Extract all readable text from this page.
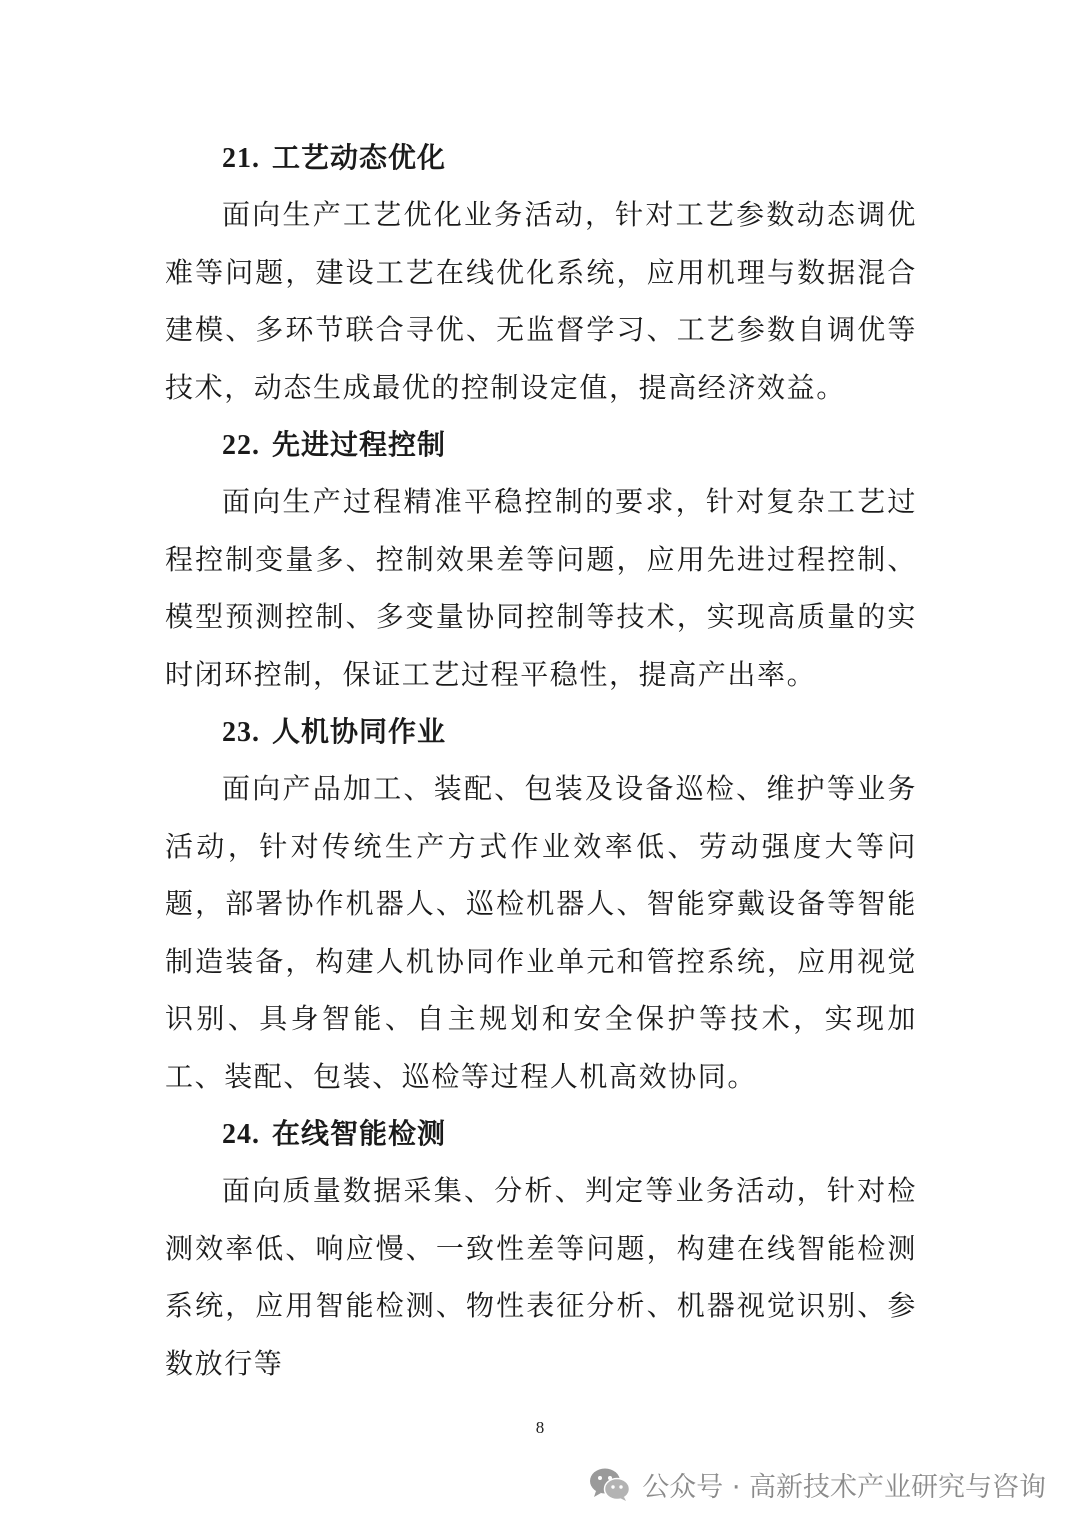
21. 工艺动态优化

面向生产工艺优化业务活动，针对工艺参数动态调优难等问题，建设工艺在线优化系统，应用机理与数据混合建模、多环节联合寻优、无监督学习、工艺参数自调优等技术，动态生成最优的控制设定值，提高经济效益。

22. 先进过程控制

面向生产过程精准平稳控制的要求，针对复杂工艺过程控制变量多、控制效果差等问题，应用先进过程控制、模型预测控制、多变量协同控制等技术，实现高质量的实时闭环控制，保证工艺过程平稳性，提高产出率。

23. 人机协同作业

面向产品加工、装配、包装及设备巡检、维护等业务活动，针对传统生产方式作业效率低、劳动强度大等问题，部署协作机器人、巡检机器人、智能穿戴设备等智能制造装备，构建人机协同作业单元和管控系统，应用视觉识别、具身智能、自主规划和安全保护等技术，实现加工、装配、包装、巡检等过程人机高效协同。

24. 在线智能检测

面向质量数据采集、分析、判定等业务活动，针对检测效率低、响应慢、一致性差等问题，构建在线智能检测系统，应用智能检测、物性表征分析、机器视觉识别、参数放行等

8
公众号 · 高新技术产业研究与咨询
